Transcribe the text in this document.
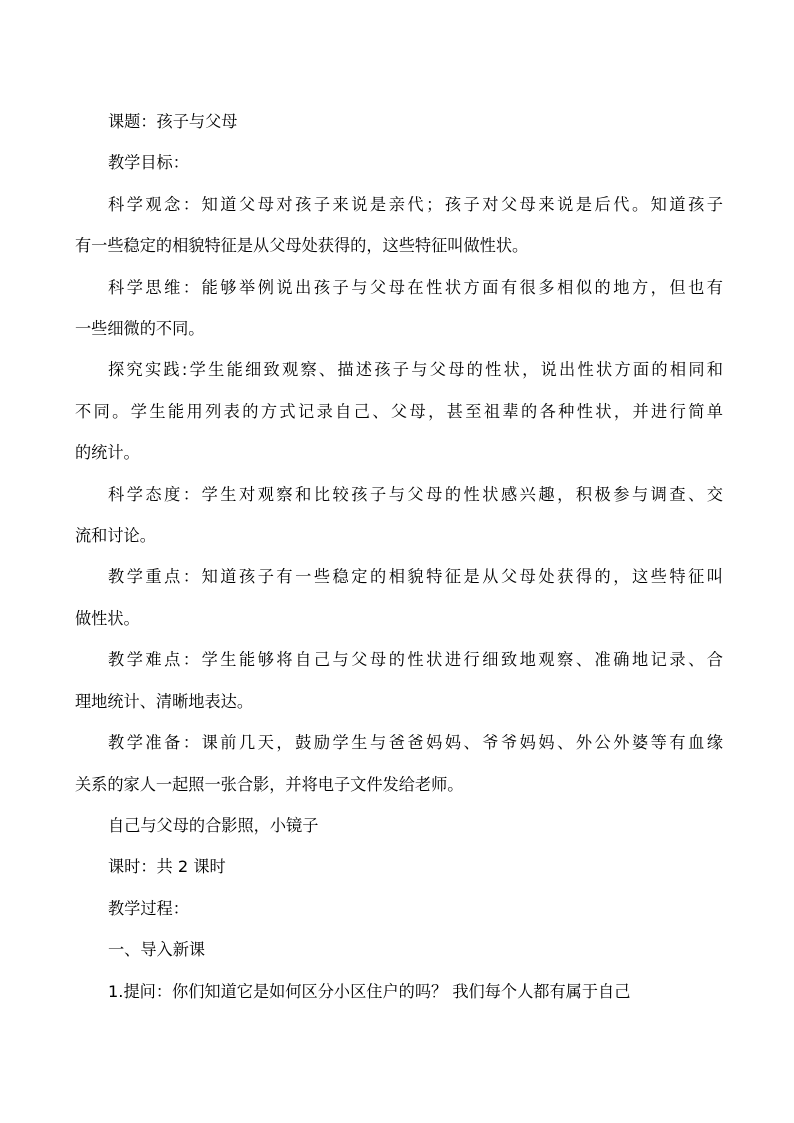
课题：孩子与父母

教学目标：

科学观念：知道父母对孩子来说是亲代；孩子对父母来说是后代。知道孩子
有一些稳定的相貌特征是从父母处获得的，这些特征叫做性状。

科学思维：能够举例说出孩子与父母在性状方面有很多相似的地方，但也有
一些细微的不同。

探究实践:学生能细致观察、描述孩子与父母的性状，说出性状方面的相同和
不同。学生能用列表的方式记录自己、父母，甚至祖辈的各种性状，并进行简单
的统计。

科学态度：学生对观察和比较孩子与父母的性状感兴趣，积极参与调查、交
流和讨论。

教学重点：知道孩子有一些稳定的相貌特征是从父母处获得的，这些特征叫
做性状。

教学难点：学生能够将自己与父母的性状进行细致地观察、准确地记录、合
理地统计、清晰地表达。

教学准备：课前几天，鼓励学生与爸爸妈妈、爷爷妈妈、外公外婆等有血缘
关系的家人一起照一张合影，并将电子文件发给老师。

自己与父母的合影照，小镜子

课时：共 2 课时

教学过程：

一、导入新课

1.提问：你们知道它是如何区分小区住户的吗？ 我们每个人都有属于自己
